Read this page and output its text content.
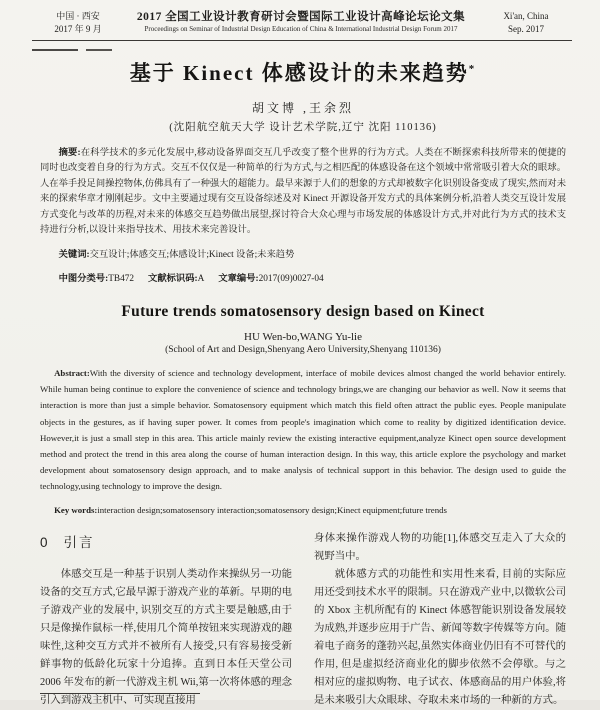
中国 · 西安
2017 年 9 月
2017 全国工业设计教育研讨会暨国际工业设计高峰论坛论文集
Proceedings on Seminar of Industrial Design Education of China & International Industrial Design Forum 2017
Xi'an, China
Sep. 2017
基于 Kinect 体感设计的未来趋势*
胡文博 ,王余烈
(沈阳航空航天大学 设计艺术学院,辽宁 沈阳 110136)

摘要:在科学技术的多元化发展中,移动设备界面交互几乎改变了整个世界的行为方式。人类在不断探索科技所带来的便捷的同时也改变着自身的行为方式。交互不仅仅是一种简单的行为方式,与之相匹配的体感设备在这个领域中常常吸引着大众的眼球。人在举手投足间操控物体,仿佛具有了一种强大的超能力。最早来源于人们的想象的方式却被数字化识别设备变成了现实,然而对未来的探索华章才刚刚起步。文中主要通过现有交互设备综述及对 Kinect 开源设备开发方式的具体案例分析,沿着人类交互设计发展方式变化与改革的历程,对未来的体感交互趋势做出展望,探讨符合大众心理与市场发展的体感设计方式,并对此行为方式的技术支持进行分析,以设计来指导技术、用技术来完善设计。

关键词:交互设计;体感交互;体感设计;Kinect 设备;未来趋势

中图分类号:TB472 文献标识码:A 文章编号:2017(09)0027-04

Future trends somatosensory design based on Kinect
HU Wen-bo,WANG Yu-lie
(School of Art and Design,Shenyang Aero University,Shenyang 110136)

Abstract:With the diversity of science and technology development, interface of mobile devices almost changed the world behavior entirely. While human being continue to explore the convenience of science and technology brings,we are changing our behavior as well. Now it seems that interaction is more than just a simple behavior. Somatosensory equipment which match this field often attract the public eyes. People manipulate objects in the gestures, as if having super power. It comes from people's imagination which come to reality by digitized identification device. However,it is just a small step in this area. This article mainly review the existing interactive equipment,analyze Kinect open source development method and protect the trend in this area along the course of human interaction design. In this way, this article explore the psychology and market development about somatosensory design approach, and to make analysis of technical support in this behavior. The design used to guide the technology,using technology to improve the design.

Key words:interaction design;somatosensory interaction;somatosensory design;Kinect equipment;future trends

0 引言

体感交互是一种基于识别人类动作来操纵另一功能设备的交互方式,它最早源于游戏产业的革新。早期的电子游戏产业的发展中, 识别交互的方式主要是触感,由于只是像操作鼠标一样,使用几个简单按钮来实现游戏的趣味性,这种交互方式并不被所有人接受,只有容易接受新鲜事物的低龄化玩家十分追捧。直到日本任天堂公司 2006 年发布的新一代游戏主机 Wii,第一次将体感的理念引入到游戏主机中、可实现直接用

身体来操作游戏人物的功能[1],体感交互走入了大众的视野当中。

就体感方式的功能性和实用性来看, 目前的实际应用还受到技术水平的限制。只在游戏产业中,以微软公司的 Xbox 主机所配有的 Kinect 体感智能识别设备发展较为成熟,并逐步应用于广告、新闻等数字传媒等方向。随着电子商务的蓬勃兴起,虽然实体商业仍旧有不可替代的作用, 但是虚拟经济商业化的脚步依然不会停歇。与之相对应的虚拟购物、电子试衣、体感商品的用户体验,将是未来吸引大众眼球、夺取未来市场的一种新的方式。
